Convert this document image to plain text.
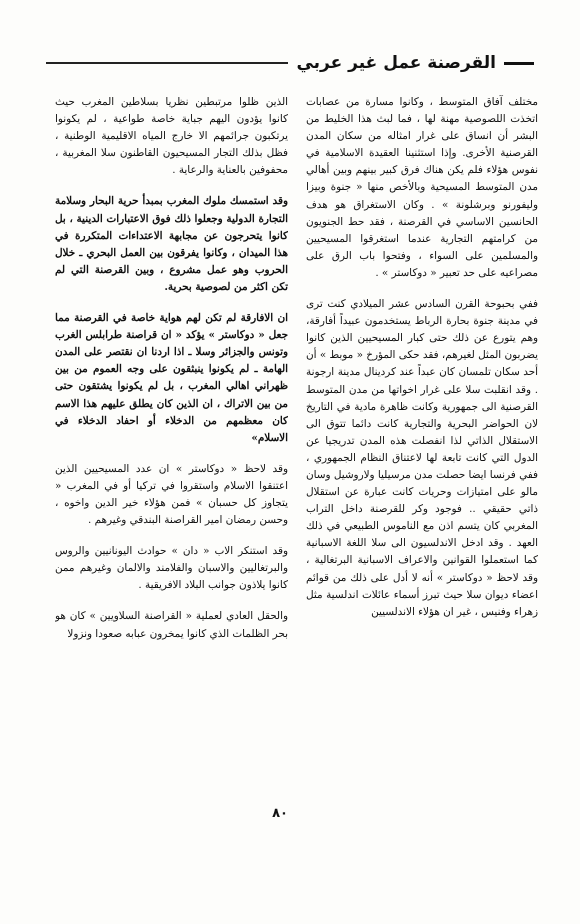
القرصنة عمل غير عربي

مختلف آفاق المتوسط ، وكانوا مسارة من عصابات اتخذت اللصوصية مهنة لها ، فما لبث هذا الخليط من البشر أن انساق على غرار امثاله من سكان المدن القرصنية الأخرى. وإذا استثنينا العقيدة الاسلامية في نفوس هؤلاء فلم يكن هناك فرق كبير بينهم وبين أهالي مدن المتوسط المسيحية وبالأخص منها « جنوة وبيزا وليفورنو وبرشلونة » . وكان الاستغراق هو هدف الحانسين الاساسي في القرصنة ، فقد حط الجنويون من كرامتهم التجارية عندما استغرقوا المسيحيين والمسلمين على السواء ، وفتحوا باب الرق على مصراعيه على حد تعبير « دوكاستر » .

ففي بحبوحة القرن السادس عشر الميلادي كنت ترى في مدينة جنوة بحارة الرباط يستخدمون عبيداً أفارقة، وهم يتورع عن ذلك حتى كبار المسيحيين الذين كانوا يضربون المثل لغيرهم، فقد حكى المؤرخ « موبط » أن أحد سكان تلمسان كان عبداً عند كردينال مدينة ارجونة . وقد انقلبت سلا على غرار اخواتها من مدن المتوسط القرصنية الى جمهورية وكانت ظاهرة مادية في التاريخ لان الحواضر البحرية والتجارية كانت دائما تتوق الى الاستقلال الذاتي لذا انفصلت هذه المدن تدريجيا عن الدول التي كانت تابعة لها لاعتناق النظام الجمهوري ، ففي فرنسا ايضا حصلت مدن مرسيليا ولاروشيل وسان مالو على امتيازات وحريات كانت عبارة عن استقلال ذاتي حقيقي .. فوجود وكر للقرصنة داخل التراب المغربي كان يتسم اذن مع الناموس الطبيعي في ذلك العهد . وقد ادخل الاندلسيون الى سلا اللغة الاسبانية كما استعملوا القوانين والاعراف الاسبانية البرتغالية ، وقد لاحظ « دوكاستر » أنه لا أدل على ذلك من قوائم اعضاء ديوان سلا حيث تبرز أسماء عائلات اندلسية مثل زهراء وفنيس ، غير ان هؤلاء الاندلسيين

الذين ظلوا مرتبطين نظريا بسلاطين المغرب حيث كانوا يؤدون اليهم جباية خاصة طواعية ، لم يكونوا يرتكبون جرائمهم الا خارج المياه الاقليمية الوطنية ، فظل بذلك التجار المسيحيون القاطنون سلا المغربية ، محفوفين بالعناية والرعاية .

وقد استمسك ملوك المغرب بمبدأ حرية البحار وسلامة التجارة الدولية وجعلوا ذلك فوق الاعتبارات الدينية ، بل كانوا يتحرجون عن مجابهة الاعتداءات المتكررة في هذا الميدان ، وكانوا يفرقون بين العمل البحري ـ خلال الحروب وهو عمل مشروع ، وبين القرصنة التي لم تكن اكثر من لصوصية بحرية.

ان الافارقة لم تكن لهم هواية خاصة في القرصنة مما جعل « دوكاستر » يؤكد « ان قراصنة طرابلس الغرب وتونس والجزائر وسلا ـ اذا اردنا ان نقتصر على المدن الهامة ـ لم يكونوا ينبثقون على وجه العموم من بين ظهراني اهالي المغرب ، بل لم يكونوا يشتقون حتى من بين الاتراك ، ان الذين كان يطلق عليهم هذا الاسم كان معظمهم من الدخلاء أو احفاد الدخلاء في الاسلام»

وقد لاحظ « دوكاستر » ان عدد المسيحيين الذين اعتنقوا الاسلام واستقروا في تركيا أو في المغرب « يتجاوز كل حسبان » فمن هؤلاء خير الدين واخوه ، وحسن رمضان امير القراصنة البندقي وغيرهم .

وقد استنكر الاب « دان » حوادث اليونانيين والروس والبرتغاليين والاسبان والفلامند والالمان وغيرهم ممن كانوا يلاذون جوانب البلاد الافريقية .

والحقل العادي لعملية « القراصنة السلاويين » كان هو بحر الظلمات الذي كانوا يمخرون عبابه صعودا ونزولا

٨٠
